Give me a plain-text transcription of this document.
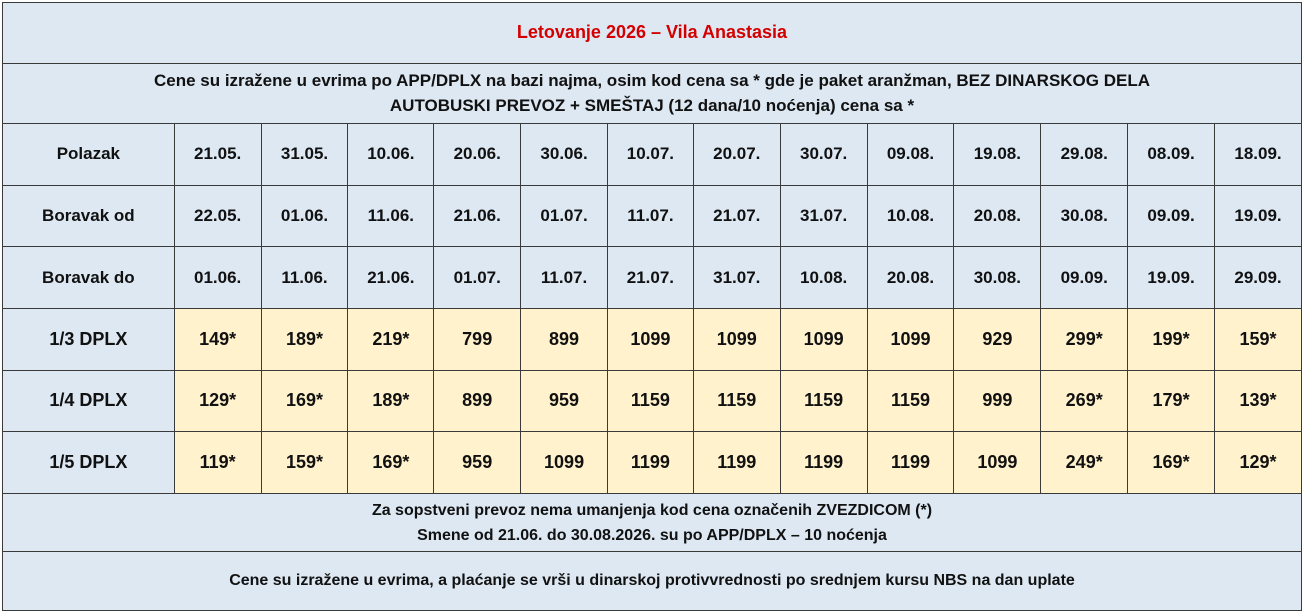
Letovanje 2026 – Vila Anastasia													

Cene su izražene u evrima po APP/DPLX na bazi najma, osim kod cena sa * gde je paket aranžman, BEZ DINARSKOG DELA
AUTOBUSKI PREVOZ + SMEŠTAJ (12 dana/10 noćenja) cena sa *													

Polazak	21.05.	31.05.	10.06.	20.06.	30.06.	10.07.	20.07.	30.07.	09.08.	19.08.	29.08.	08.09.	18.09.
Boravak od	22.05.	01.06.	11.06.	21.06.	01.07.	11.07.	21.07.	31.07.	10.08.	20.08.	30.08.	09.09.	19.09.
Boravak do	01.06.	11.06.	21.06.	01.07.	11.07.	21.07.	31.07.	10.08.	20.08.	30.08.	09.09.	19.09.	29.09.
1/3 DPLX	149*	189*	219*	799	899	1099	1099	1099	1099	929	299*	199*	159*
1/4 DPLX	129*	169*	189*	899	959	1159	1159	1159	1159	999	269*	179*	139*
1/5 DPLX	119*	159*	169*	959	1099	1199	1199	1199	1199	1099	249*	169*	129*

Za sopstveni prevoz nema umanjenja kod cena označenih ZVEZDICOM (*)
Smene od 21.06. do 30.08.2026. su po APP/DPLX – 10 noćenja													

Cene su izražene u evrima, a plaćanje se vrši u dinarskoj protivvrednosti po srednjem kursu NBS na dan uplate													
